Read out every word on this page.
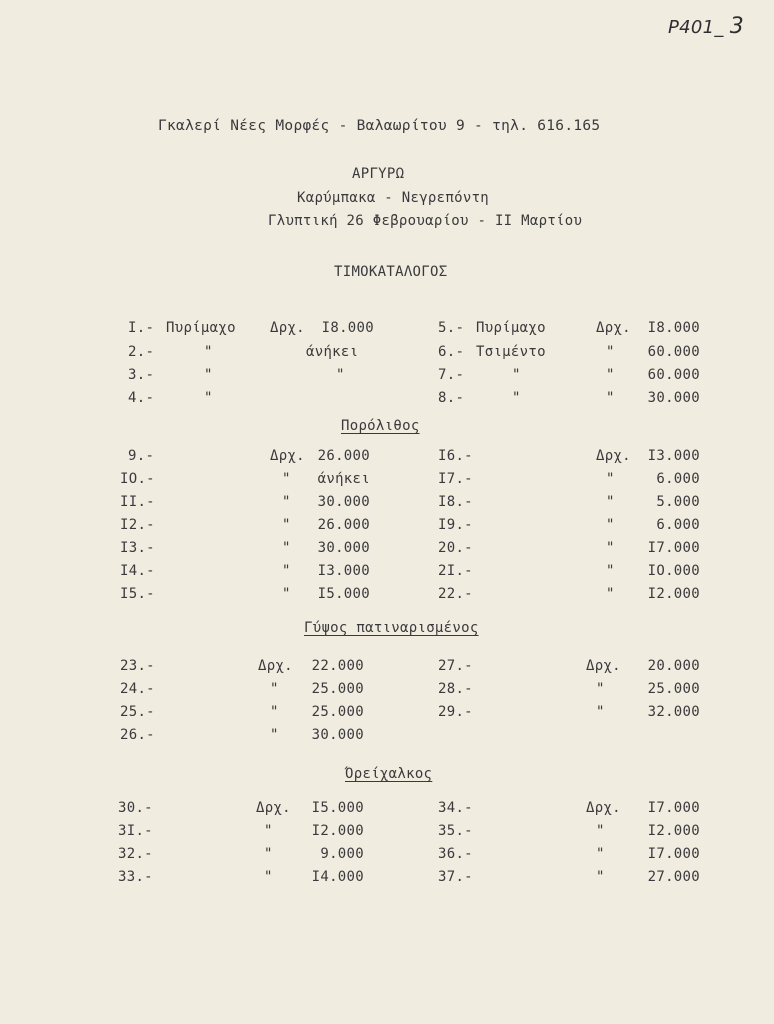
P401_ 3
Γκαλερί Νέες Μορφές - Βαλαωρίτου 9 - τηλ. 616.165
ΑΡΓΥΡΩ
Καρύμπακα - Νεγρεπόντη
Γλυπτική 26 Φεβρουαρίου - ΙΙ Μαρτίου
ΤΙΜΟΚΑΤΑΛΟΓΟΣ
I.- Πυρίμαχο Δρχ.	I8.000
2.-	"	άνήκει
3.-	"	"
4.-	"
5.- Πυρίμαχο	Δρχ.	I8.000
6.- Τσιμέντο	"	60.000
7.-	"	"	60.000
8.-	"	"	30.000
Πορόλιθος
9.-	Δρχ. 26.000
IO.-	"	άνήκει
II.-	"	30.000
I2.-	"	26.000
I3.-	"	30.000
I4.-	"	I3.000
I5.-	"	I5.000
I6.-	Δρχ.	I3.000
I7.-	"	6.000
I8.-	"	5.000
I9.-	"	6.000
20.-	"	I7.000
2I.-	"	IO.000
22.-	"	I2.000
Γύψος πατιναρισμένος
23.-	Δρχ.	22.000
24.-	"	25.000
25.-	"	25.000
26.-	"	30.000
27.-	Δρχ.	20.000
28.-	"	25.000
29.-	"	32.000
Όρείχαλκος
30.-	Δρχ.	I5.000
3I.-	"	I2.000
32.-	"	9.000
33.-	"	I4.000
34.-	Δρχ.	I7.000
35.-	"	I2.000
36.-	"	I7.000
37.-	"	27.000
